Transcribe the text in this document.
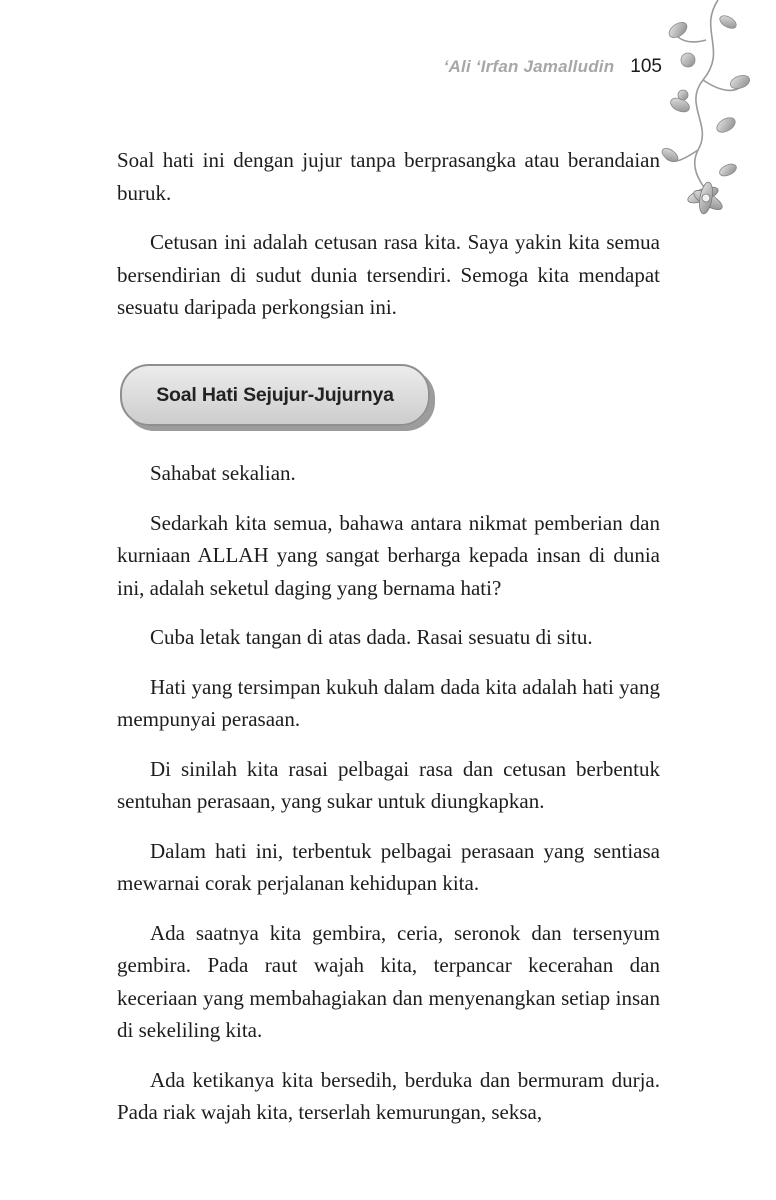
‘Ali ‘Irfan Jamalludin 105

Soal hati ini dengan jujur tanpa berprasangka atau berandaian buruk.

Cetusan ini adalah cetusan rasa kita. Saya yakin kita semua bersendirian di sudut dunia tersendiri. Semoga kita mendapat sesuatu daripada perkongsian ini.

Soal Hati Sejujur-Jujurnya

Sahabat sekalian.

Sedarkah kita semua, bahawa antara nikmat pemberian dan kurniaan ALLAH yang sangat berharga kepada insan di dunia ini, adalah seketul daging yang bernama hati?

Cuba letak tangan di atas dada. Rasai sesuatu di situ.

Hati yang tersimpan kukuh dalam dada kita adalah hati yang mempunyai perasaan.

Di sinilah kita rasai pelbagai rasa dan cetusan berbentuk sentuhan perasaan, yang sukar untuk diungkapkan.

Dalam hati ini, terbentuk pelbagai perasaan yang sentiasa mewarnai corak perjalanan kehidupan kita.

Ada saatnya kita gembira, ceria, seronok dan tersenyum gembira. Pada raut wajah kita, terpancar kecerahan dan keceriaan yang membahagiakan dan menyenangkan setiap insan di sekeliling kita.

Ada ketikanya kita bersedih, berduka dan bermuram durja. Pada riak wajah kita, terserlah kemurungan, seksa,
